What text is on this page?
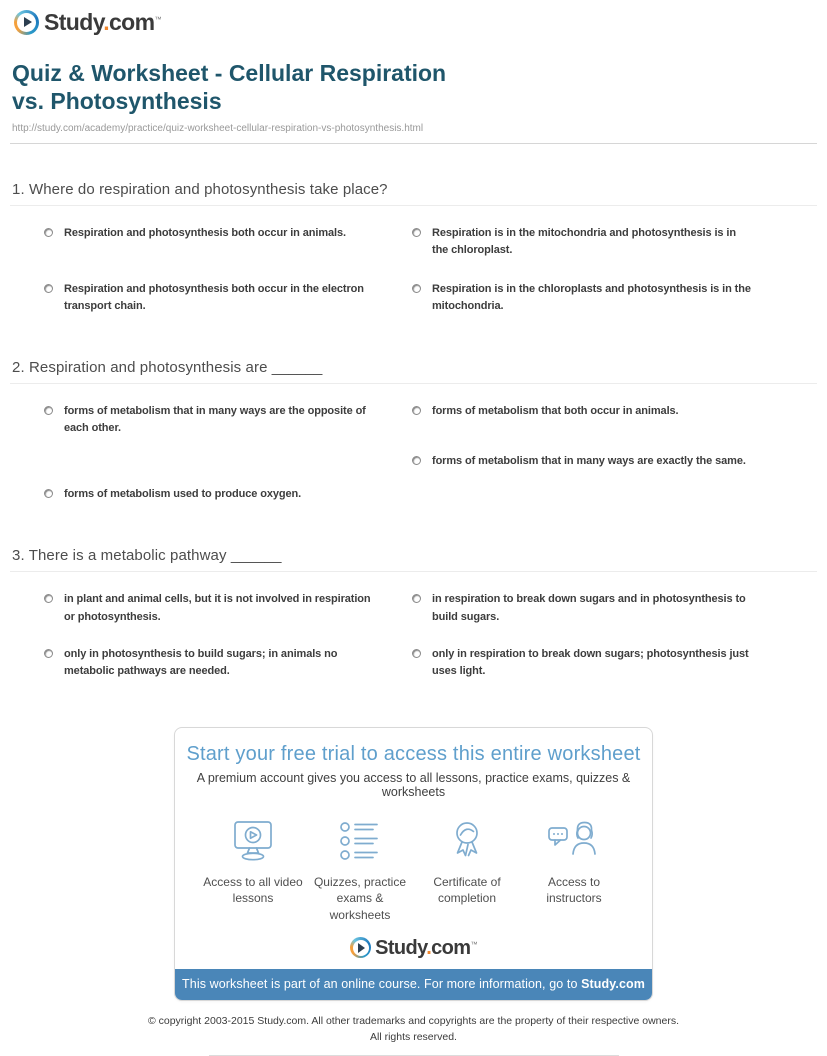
Study.com™
Quiz & Worksheet - Cellular Respiration vs. Photosynthesis
http://study.com/academy/practice/quiz-worksheet-cellular-respiration-vs-photosynthesis.html
1. Where do respiration and photosynthesis take place?
Respiration and photosynthesis both occur in animals.	Respiration is in the mitochondria and photosynthesis is in the chloroplast.
Respiration and photosynthesis both occur in the electron transport chain.
Respiration is in the chloroplasts and photosynthesis is in the mitochondria.
2. Respiration and photosynthesis are ______
forms of metabolism that in many ways are the opposite of each other.
forms of metabolism that both occur in animals.
forms of metabolism that in many ways are exactly the same.
forms of metabolism used to produce oxygen.
3. There is a metabolic pathway ______
in plant and animal cells, but it is not involved in respiration or photosynthesis.
in respiration to break down sugars and in photosynthesis to build sugars.
only in photosynthesis to build sugars; in animals no metabolic pathways are needed.
only in respiration to break down sugars; photosynthesis just uses light.
Start your free trial to access this entire worksheet
A premium account gives you access to all lessons, practice exams, quizzes & worksheets
Access to all video lessons
Quizzes, practice exams & worksheets
Certificate of completion
Access to instructors
Study.com™
This worksheet is part of an online course. For more information, go to Study.com
© copyright 2003-2015 Study.com. All other trademarks and copyrights are the property of their respective owners.
All rights reserved.
